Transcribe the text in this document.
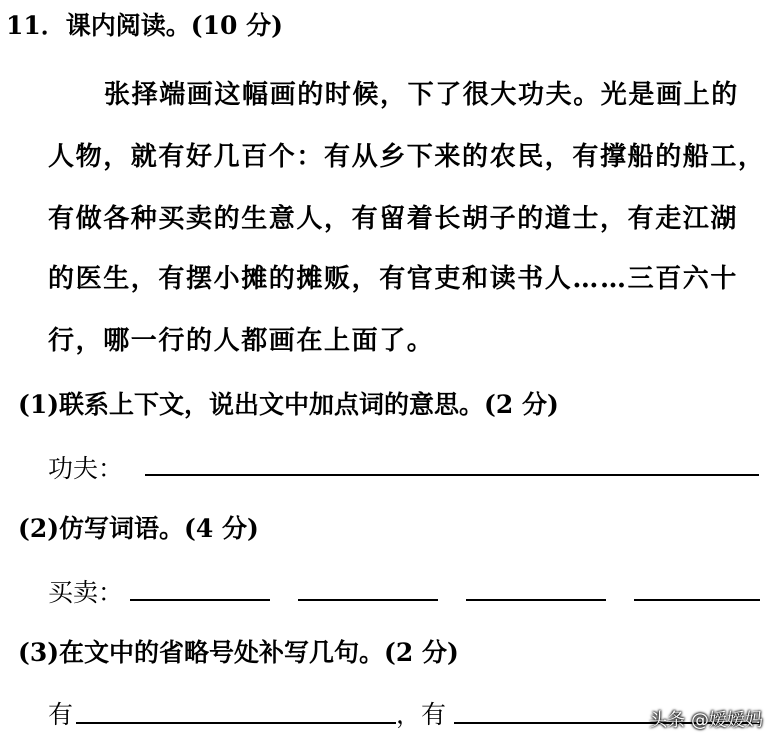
11．课内阅读。(10 分)
张择端画这幅画的时候，下了很大功夫。光是画上的
人物，就有好几百个：有从乡下来的农民，有撑船的船工，
有做各种买卖的生意人，有留着长胡子的道士，有走江湖
的医生，有摆小摊的摊贩，有官吏和读书人……三百六十
行，哪一行的人都画在上面了。
(1)联系上下文，说出文中加点词的意思。(2 分)
功夫：
(2)仿写词语。(4 分)
买卖：
(3)在文中的省略号处补写几句。(2 分)
有	，有	头条 @嫒嫒妈
